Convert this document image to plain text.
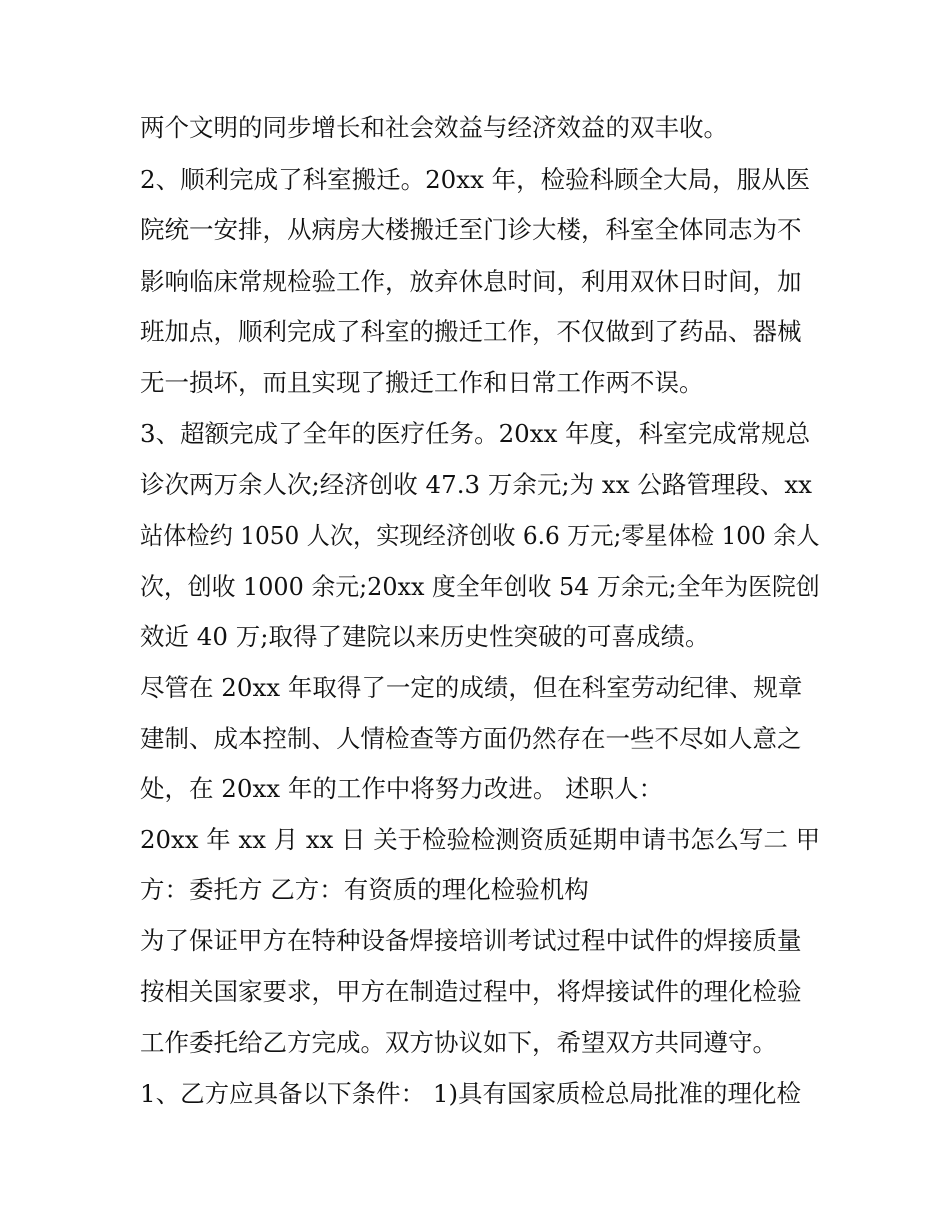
两个文明的同步增长和社会效益与经济效益的双丰收。
2、顺利完成了科室搬迁。20xx 年，检验科顾全大局，服从医
院统一安排，从病房大楼搬迁至门诊大楼，科室全体同志为不
影响临床常规检验工作，放弃休息时间，利用双休日时间，加
班加点，顺利完成了科室的搬迁工作，不仅做到了药品、器械
无一损坏，而且实现了搬迁工作和日常工作两不误。
3、超额完成了全年的医疗任务。20xx 年度，科室完成常规总
诊次两万余人次;经济创收 47.3 万余元;为 xx 公路管理段、xx
站体检约 1050 人次，实现经济创收 6.6 万元;零星体检 100 余人
次，创收 1000 余元;20xx 度全年创收 54 万余元;全年为医院创
效近 40 万;取得了建院以来历史性突破的可喜成绩。
尽管在 20xx 年取得了一定的成绩，但在科室劳动纪律、规章
建制、成本控制、人情检查等方面仍然存在一些不尽如人意之
处，在 20xx 年的工作中将努力改进。 述职人：
20xx 年 xx 月 xx 日 关于检验检测资质延期申请书怎么写二 甲
方：委托方 乙方：有资质的理化检验机构
为了保证甲方在特种设备焊接培训考试过程中试件的焊接质量
按相关国家要求，甲方在制造过程中，将焊接试件的理化检验
工作委托给乙方完成。双方协议如下，希望双方共同遵守。
1、乙方应具备以下条件： 1)具有国家质检总局批准的理化检
